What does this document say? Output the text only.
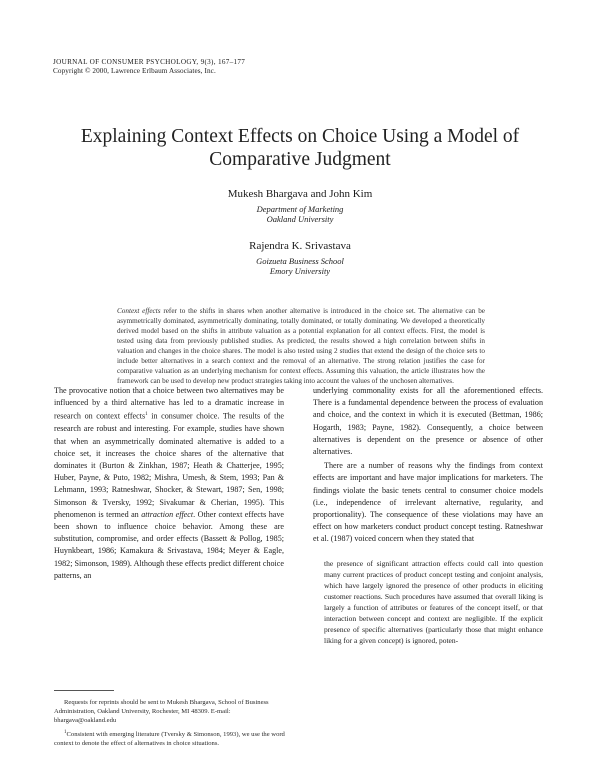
JOURNAL OF CONSUMER PSYCHOLOGY, 9(3), 167–177
Copyright © 2000, Lawrence Erlbaum Associates, Inc.
Explaining Context Effects on Choice Using a Model of Comparative Judgment
Mukesh Bhargava and John Kim
Department of Marketing
Oakland University
Rajendra K. Srivastava
Goizueta Business School
Emory University
Context effects refer to the shifts in shares when another alternative is introduced in the choice set. The alternative can be asymmetrically dominated, asymmetrically dominating, totally dominated, or totally dominating. We developed a theoretically derived model based on the shifts in attribute valuation as a potential explanation for all context effects. First, the model is tested using data from previously published studies. As predicted, the results showed a high correlation between shifts in valuation and changes in the choice shares. The model is also tested using 2 studies that extend the design of the choice sets to include better alternatives in a search context and the removal of an alternative. The strong relation justifies the case for comparative valuation as an underlying mechanism for context effects. Assuming this valuation, the article illustrates how the framework can be used to develop new product strategies taking into account the values of the unchosen alternatives.

The provocative notion that a choice between two alternatives may be influenced by a third alternative has led to a dramatic increase in research on context effects$^1$ in consumer choice. The results of the research are robust and interesting. For example, studies have shown that when an asymmetrically dominated alternative is added to a choice set, it increases the choice shares of the alternative that dominates it (Burton & Zinkhan, 1987; Heath & Chatterjee, 1995; Huber, Payne, & Puto, 1982; Mishra, Umesh, & Stem, 1993; Pan & Lehmann, 1993; Ratneshwar, Shocker, & Stewart, 1987; Sen, 1998; Simonson & Tversky, 1992; Sivakumar & Cherian, 1995). This phenomenon is termed an attraction effect. Other context effects have been shown to influence choice behavior. Among these are substitution, compromise, and order effects (Bassett & Pollog, 1985; Huynkbeart, 1986; Kamakura & Srivastava, 1984; Meyer & Eagle, 1982; Simonson, 1989). Although these effects predict different choice patterns, an

underlying commonality exists for all the aforementioned effects. There is a fundamental dependence between the process of evaluation and choice, and the context in which it is executed (Bettman, 1986; Hogarth, 1983; Payne, 1982). Consequently, a choice between alternatives is dependent on the presence or absence of other alternatives.

There are a number of reasons why the findings from context effects are important and have major implications for marketers. The findings violate the basic tenets central to consumer choice models (i.e., independence of irrelevant alternative, regularity, and proportionality). The consequence of these violations may have an effect on how marketers conduct product concept testing. Ratneshwar et al. (1987) voiced concern when they stated that

the presence of significant attraction effects could call into question many current practices of product concept testing and conjoint analysis, which have largely ignored the presence of other products in eliciting customer reactions. Such procedures have assumed that overall liking is largely a function of attributes or features of the concept itself, or that interaction between concept and context are negligible. If the explicit presence of specific alternatives (particularly those that might enhance liking for a given concept) is ignored, poten-

Requests for reprints should be sent to Mukesh Bhargava, School of Business Administration, Oakland University, Rochester, MI 48309. E-mail: bhargava@oakland.edu

$^1$Consistent with emerging literature (Tversky & Simonson, 1993), we use the word context to denote the effect of alternatives in choice situations.
